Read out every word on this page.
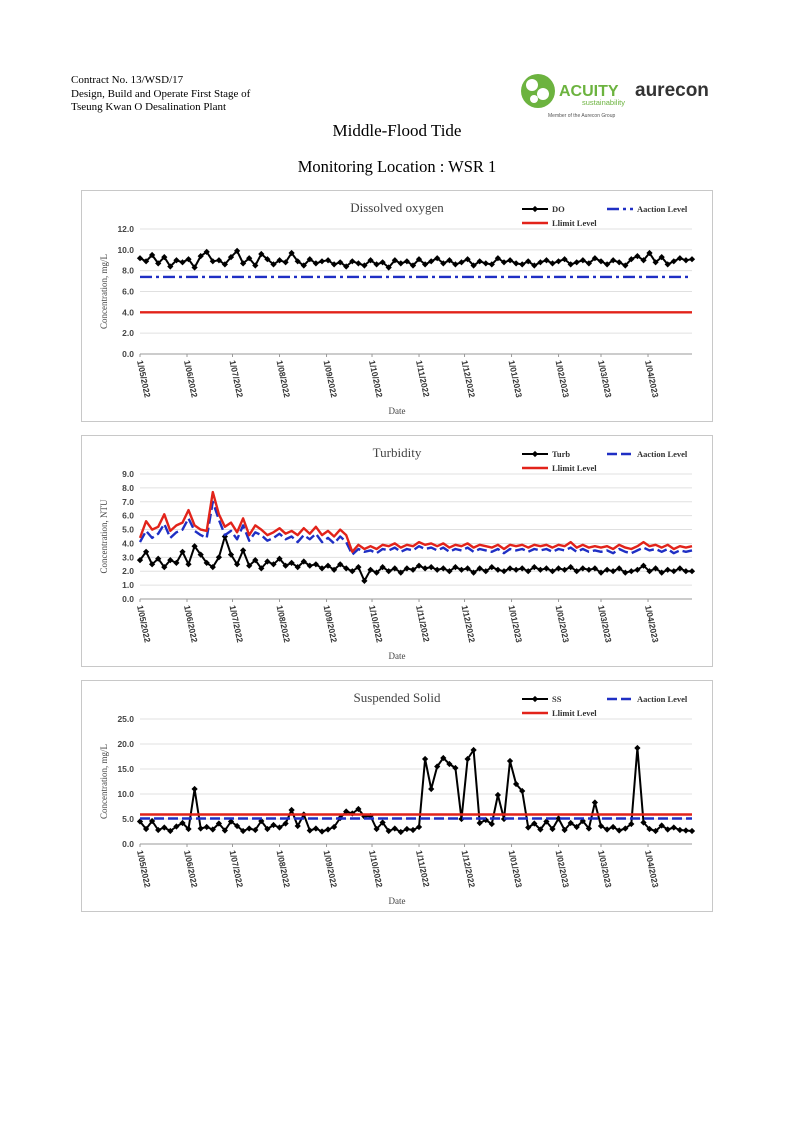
Contract No. 13/WSD/17
Design, Build and Operate First Stage of
Tseung Kwan O Desalination Plant
ACUITY
sustainability
Member of the Aurecon Group
aurecon
Middle-Flood Tide
Monitoring Location : WSR 1
Dissolved oxygen
0.0
2.0
4.0
6.0
8.0
10.0
12.0
Concentration, mg/L
1/05/2022	1/06/2022	1/07/2022	1/08/2022	1/09/2022	1/10/2022	1/11/2022	1/12/2022	1/01/2023	1/02/2023	1/03/2023	1/04/2023
Date
DO	Aaction Level
Llimit Level
Turbidity
0.0
1.0
2.0
3.0
4.0
5.0
6.0
7.0
8.0
9.0
Concentration, NTU
1/05/2022	1/06/2022	1/07/2022	1/08/2022	1/09/2022	1/10/2022	1/11/2022	1/12/2022	1/01/2023	1/02/2023	1/03/2023	1/04/2023
Date
Turb	Aaction Level
Llimit Level
Suspended Solid
0.0
5.0
10.0
15.0
20.0
25.0
Concentration, mg/L
1/05/2022	1/06/2022	1/07/2022	1/08/2022	1/09/2022	1/10/2022	1/11/2022	1/12/2022	1/01/2023	1/02/2023	1/03/2023	1/04/2023
Date
SS	Aaction Level
Llimit Level
